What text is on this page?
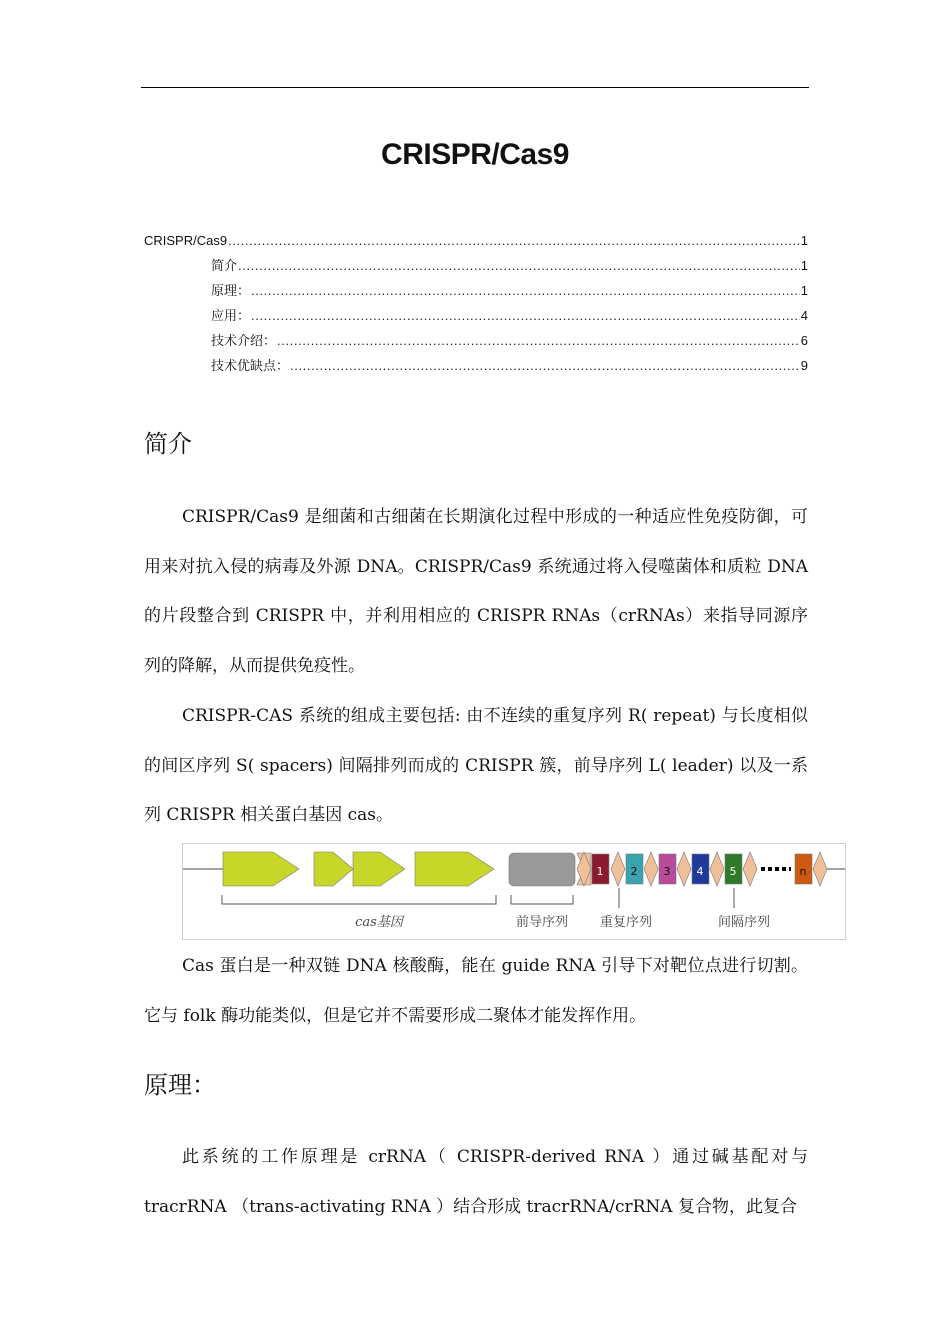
CRISPR/Cas9
CRISPR/Cas9 .....	1
简介 .....	1
原理： .....	1
应用： .....	4
技术介绍： .....	6
技术优缺点： .....	9
简介

CRISPR/Cas9 是细菌和古细菌在长期演化过程中形成的一种适应性免疫防御，可用来对抗入侵的病毒及外源 DNA。CRISPR/Cas9 系统通过将入侵噬菌体和质粒 DNA 的片段整合到 CRISPR 中，并利用相应的 CRISPR RNAs（crRNAs）来指导同源序列的降解，从而提供免疫性。

CRISPR-CAS 系统的组成主要包括: 由不连续的重复序列 R( repeat) 与长度相似的间区序列 S( spacers) 间隔排列而成的 CRISPR 簇，前导序列 L( leader) 以及一系列 CRISPR 相关蛋白基因 cas。

1 2 3 4 5	n
cas基因	前导序列 重复序列	间隔序列

Cas 蛋白是一种双链 DNA 核酸酶，能在 guide RNA 引导下对靶位点进行切割。它与 folk 酶功能类似，但是它并不需要形成二聚体才能发挥作用。

原理：

此系统的工作原理是 crRNA（ CRISPR-derived RNA ）通过碱基配对与 tracrRNA （trans-activating RNA ）结合形成 tracrRNA/crRNA 复合物，此复合
